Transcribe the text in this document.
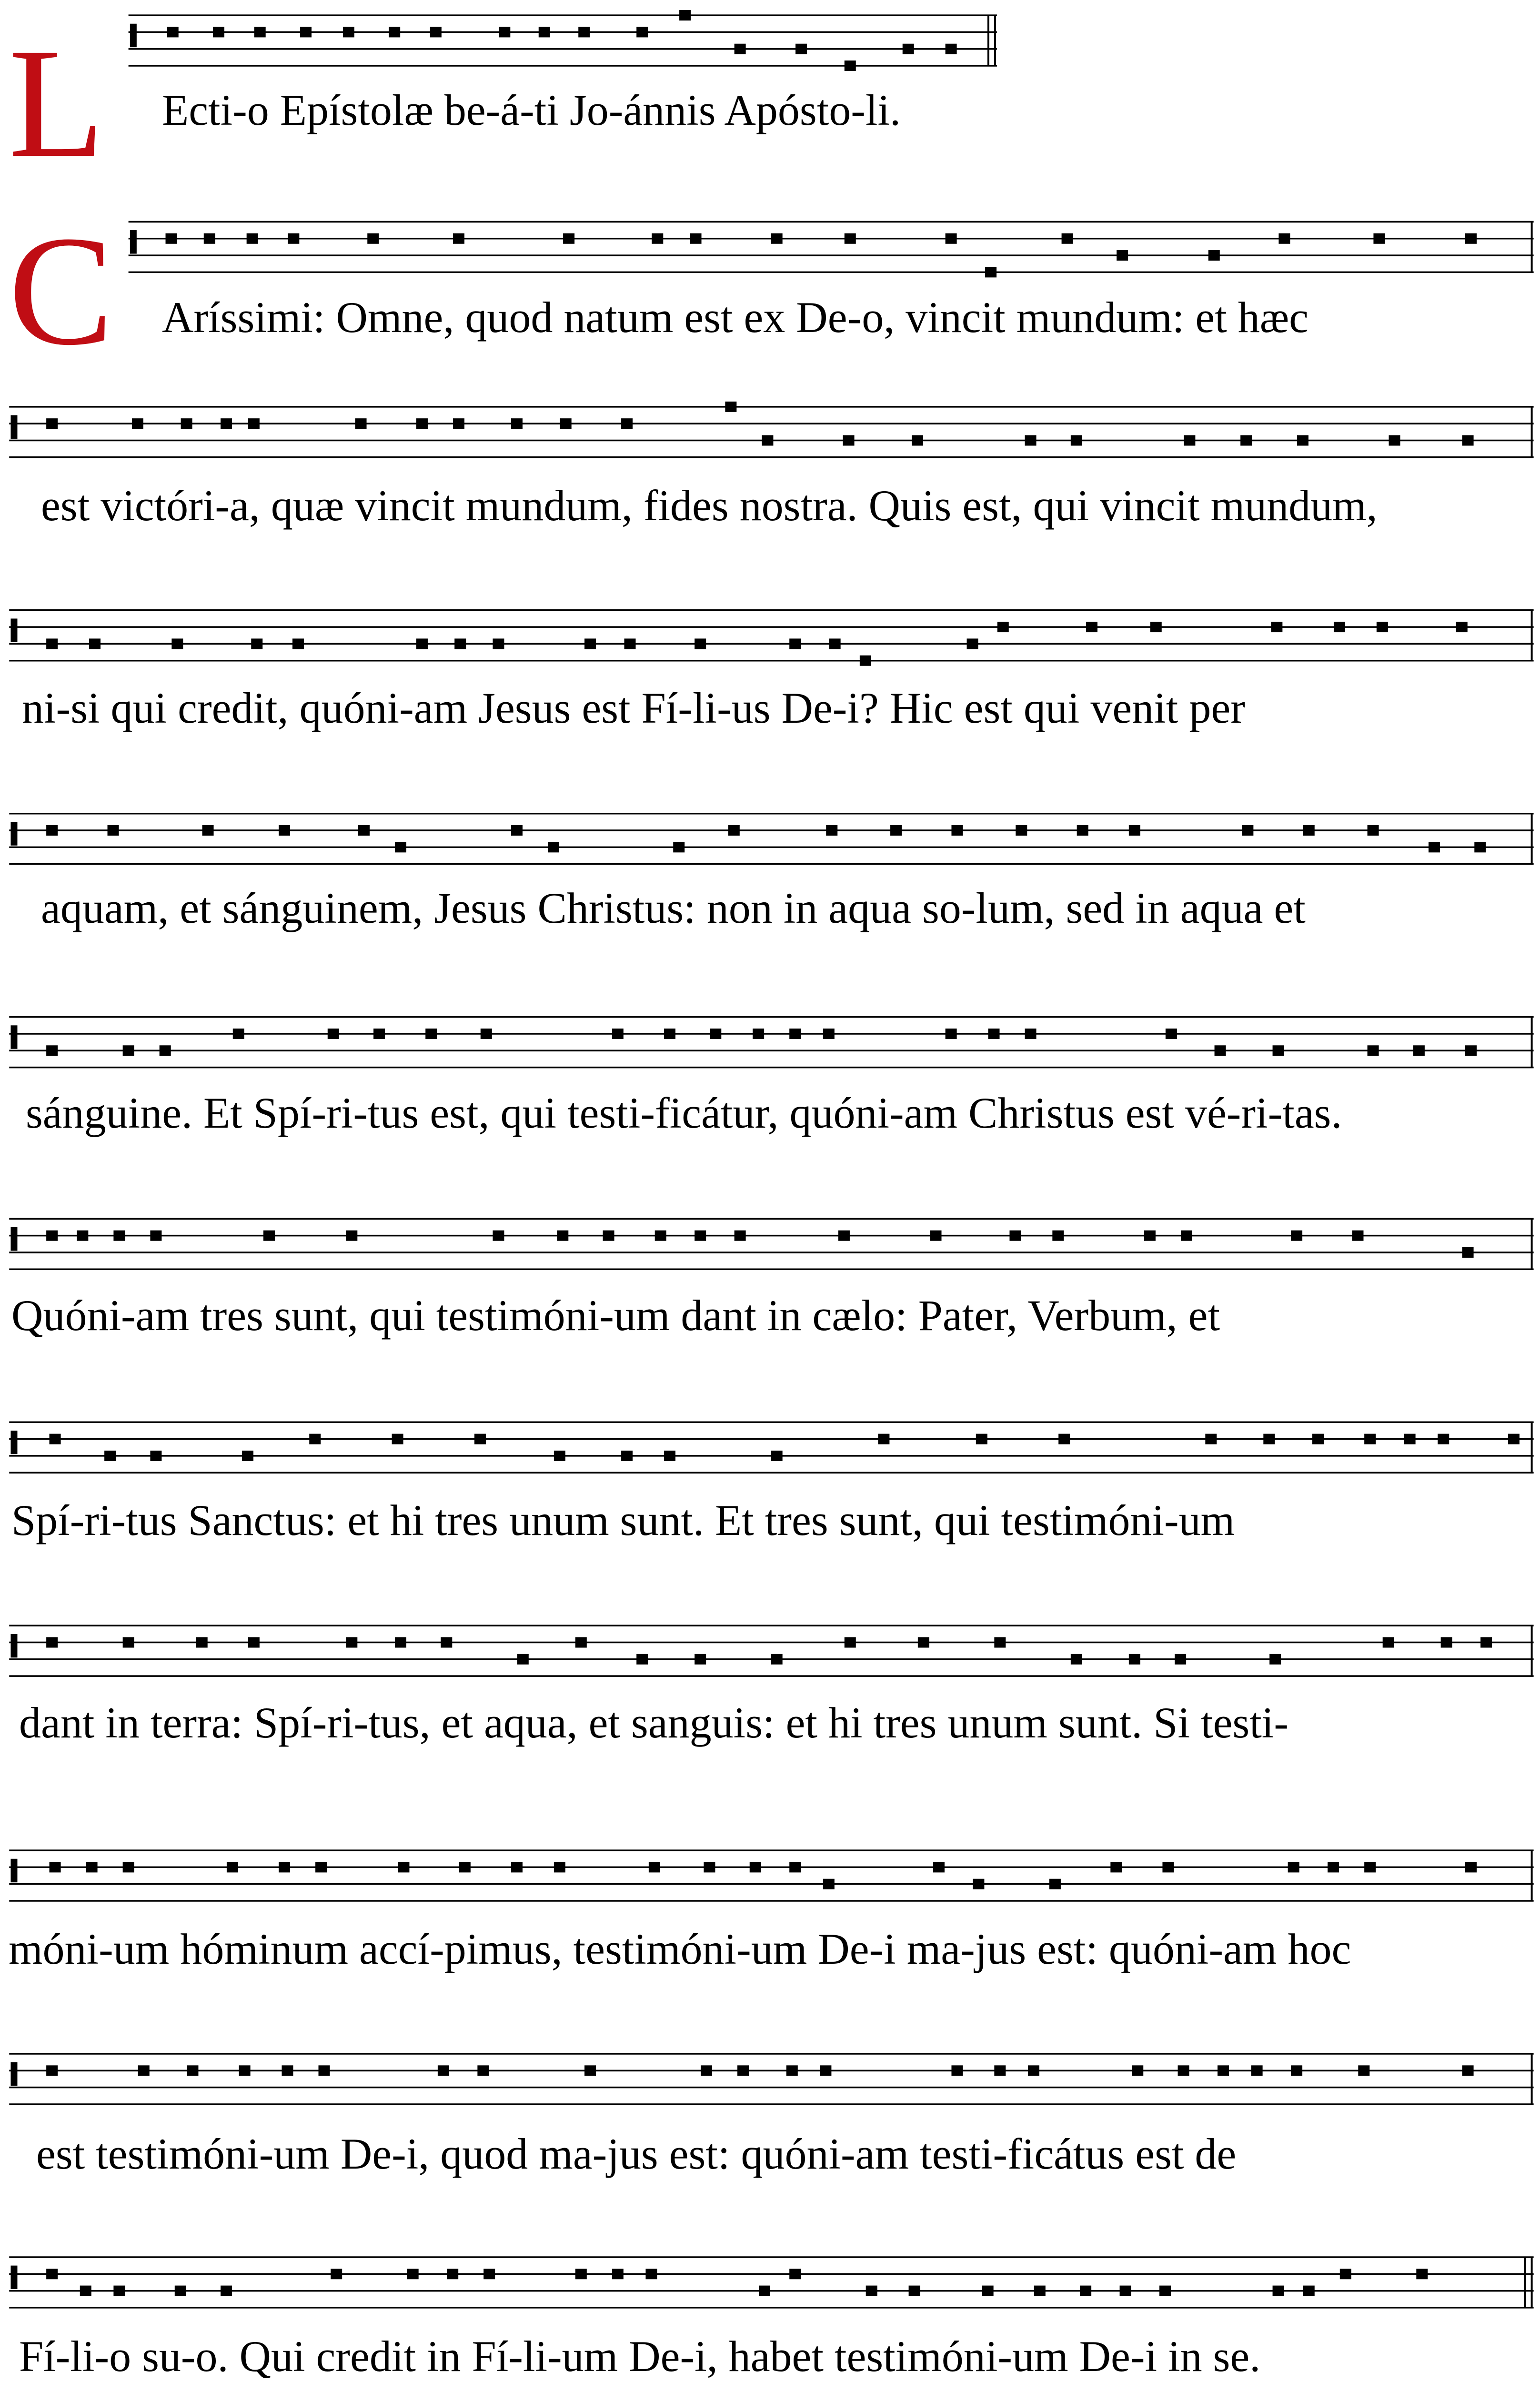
L
C
Ecti-o Epístolæ be-á-ti Jo-ánnis Apósto-li.
Aríssimi: Omne, quod natum est ex De-o, vincit mundum: et hæc
est victóri-a, quæ vincit mundum, fides nostra. Quis est, qui vincit mundum,
ni-si qui credit, quóni-am Jesus est Fí-li-us De-i? Hic est qui venit per
aquam, et sánguinem, Jesus Christus: non in aqua so-lum, sed in aqua et
sánguine. Et Spí-ri-tus est, qui testi-ficátur, quóni-am Christus est vé-ri-tas.
Quóni-am tres sunt, qui testimóni-um dant in cælo: Pater, Verbum, et
Spí-ri-tus Sanctus: et hi tres unum sunt. Et tres sunt, qui testimóni-um
dant in terra: Spí-ri-tus, et aqua, et sanguis: et hi tres unum sunt. Si testi-
móni-um hóminum accí-pimus, testimóni-um De-i ma-jus est: quóni-am hoc
est testimóni-um De-i, quod ma-jus est: quóni-am testi-ficátus est de
Fí-li-o su-o. Qui credit in Fí-li-um De-i, habet testimóni-um De-i in se.
